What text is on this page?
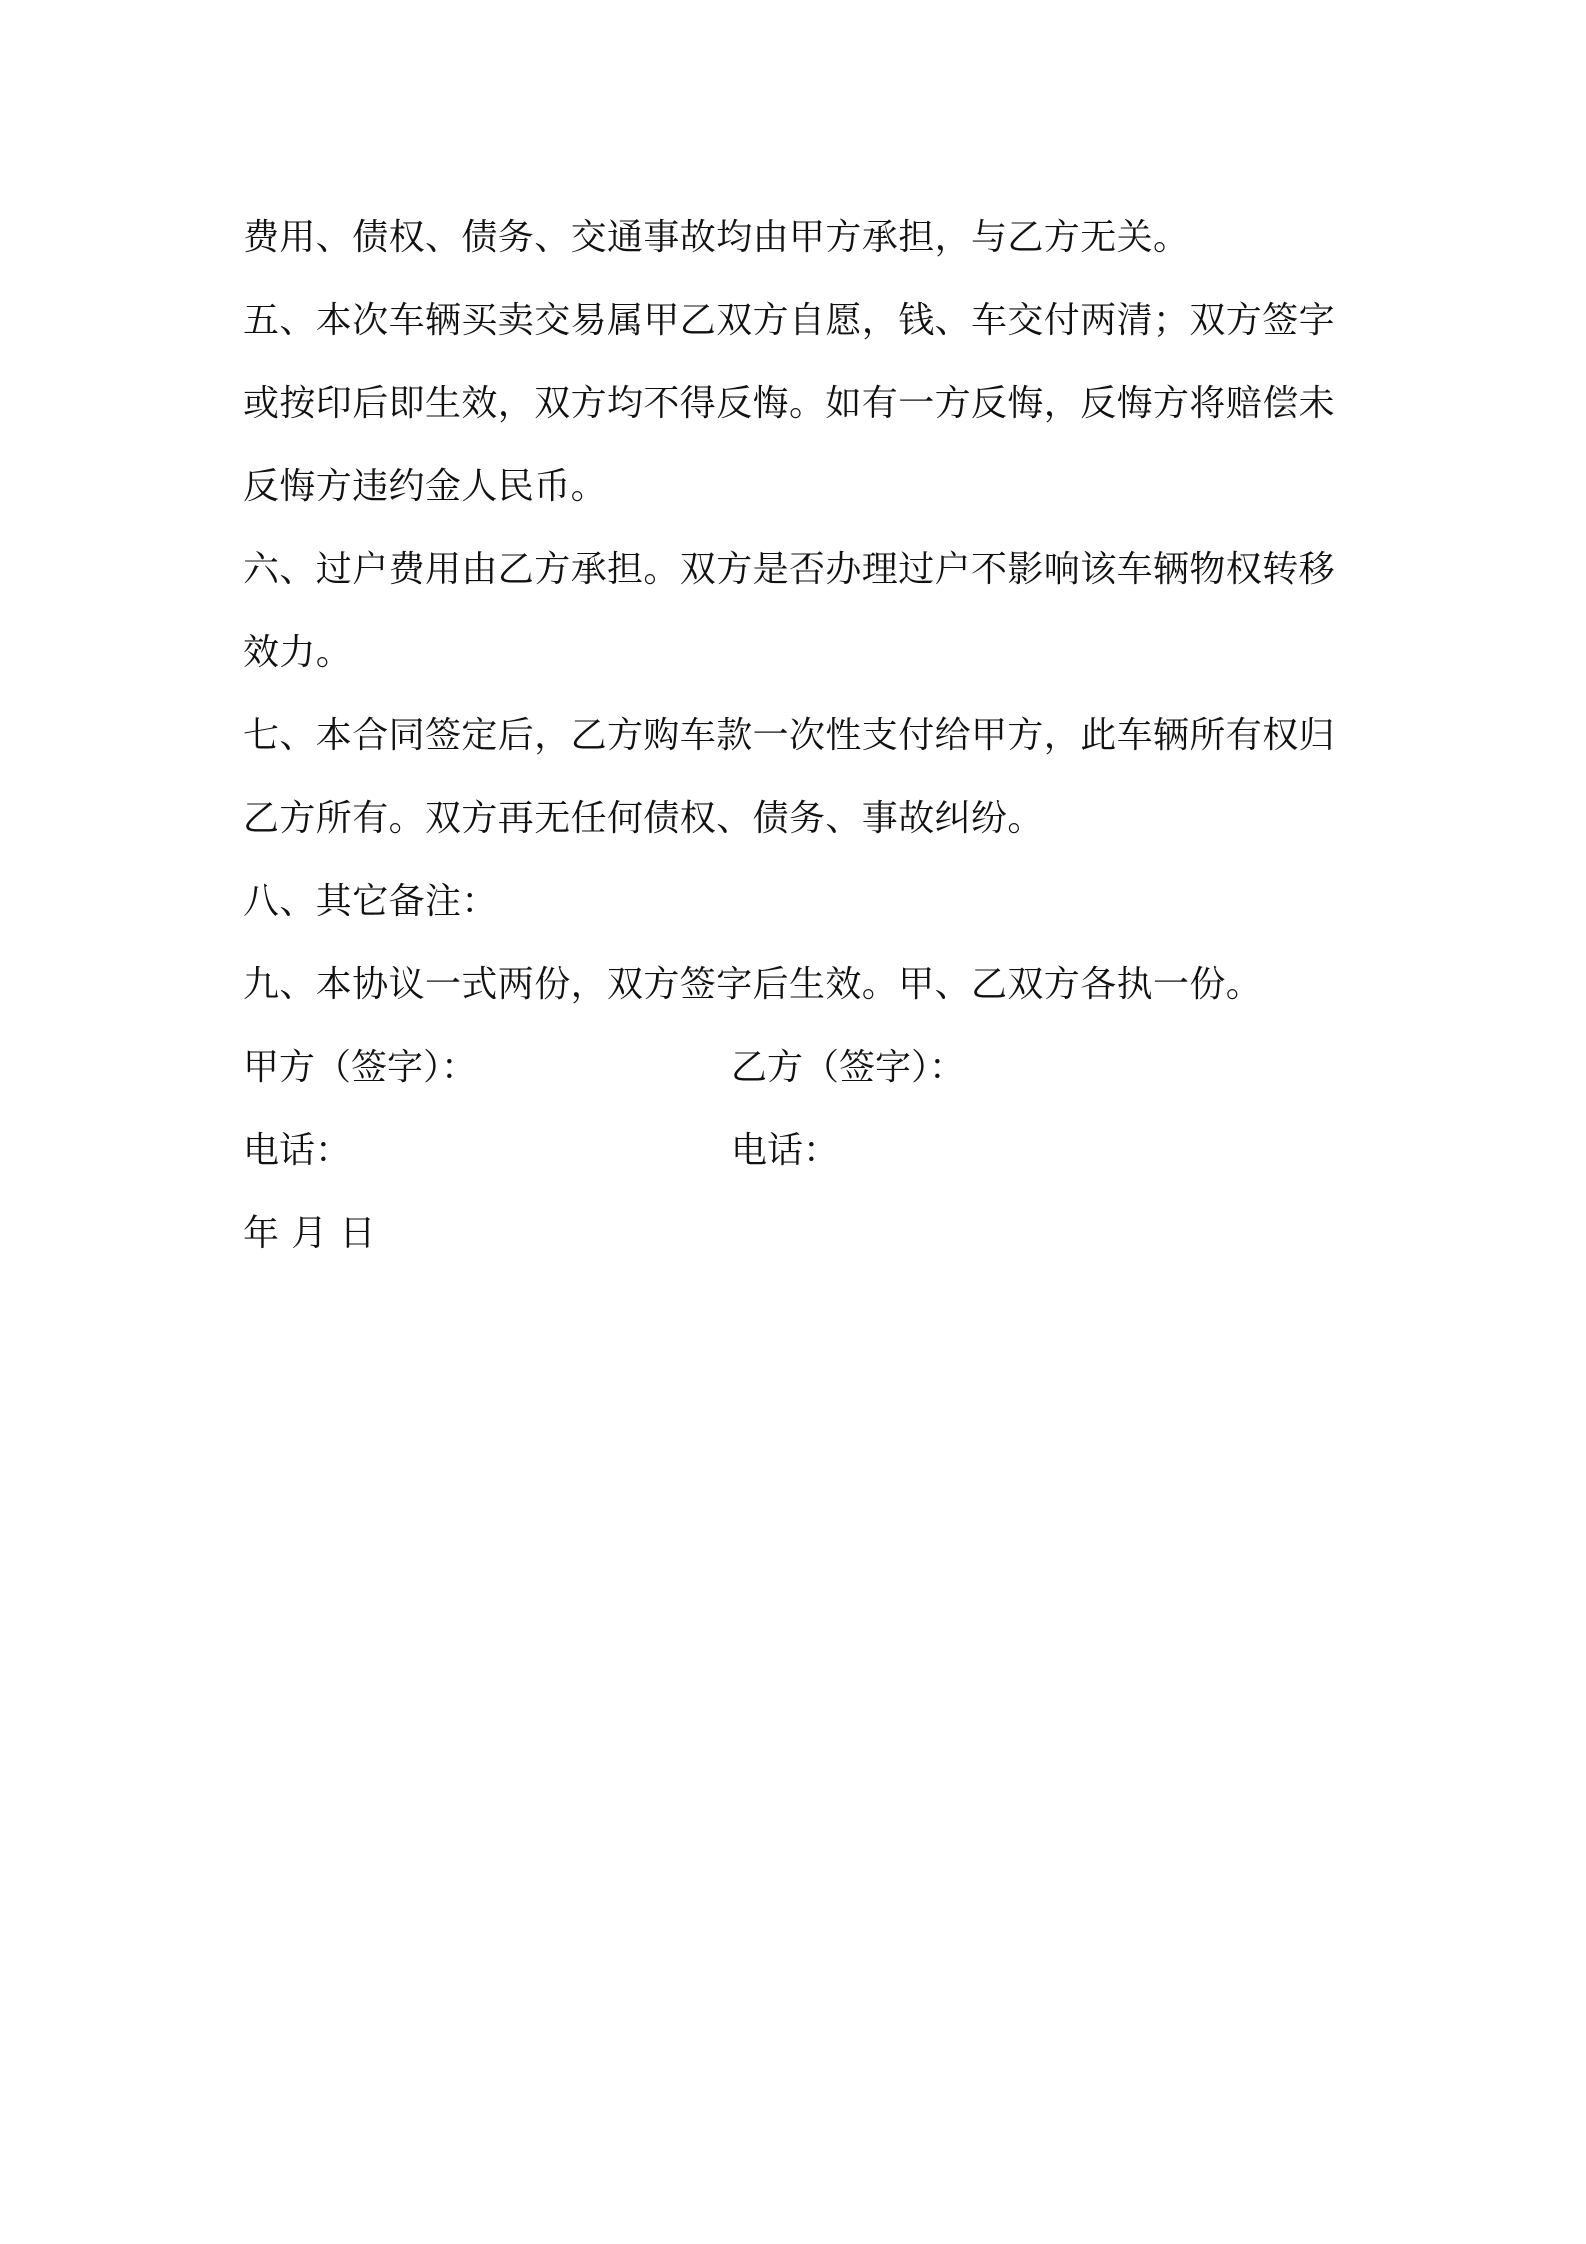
费用、债权、债务、交通事故均由甲方承担，与乙方无关。
五、本次车辆买卖交易属甲乙双方自愿，钱、车交付两清；双方签字
或按印后即生效，双方均不得反悔。如有一方反悔，反悔方将赔偿未
反悔方违约金人民币。
六、过户费用由乙方承担。双方是否办理过户不影响该车辆物权转移
效力。
七、本合同签定后，乙方购车款一次性支付给甲方，此车辆所有权归
乙方所有。双方再无任何债权、债务、事故纠纷。
八、其它备注：
九、本协议一式两份，双方签字后生效。甲、乙双方各执一份。
甲方（签字）：	乙方（签字）：
电话：	电话：
年 月 日
